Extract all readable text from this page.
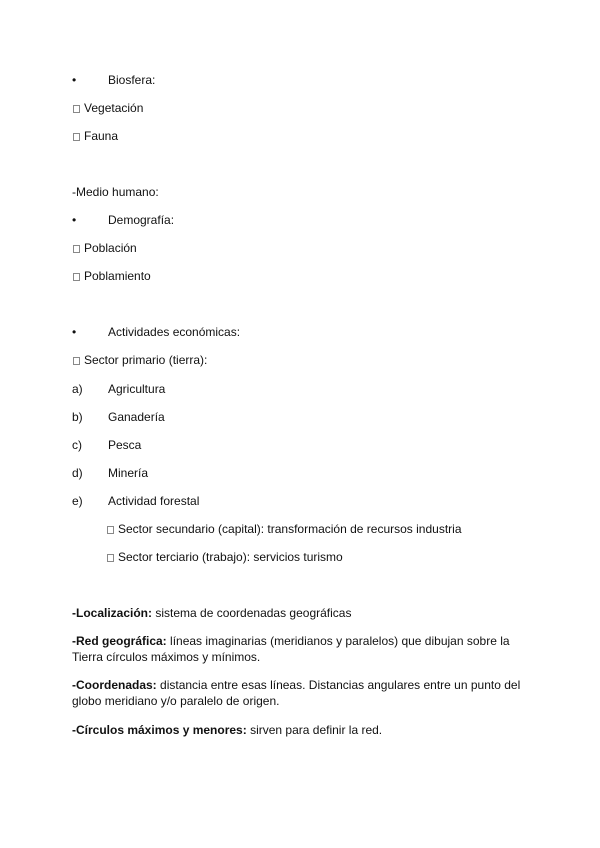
•	Biosfera:
Vegetación
Fauna
-Medio humano:
•	Demografía:
Población
Poblamiento
•	Actividades económicas:
Sector primario (tierra):
a) Agricultura
b) Ganadería
c) Pesca
d) Minería
e) Actividad forestal
Sector secundario (capital): transformación de recursos industria
Sector terciario (trabajo): servicios turismo
-Localización: sistema de coordenadas geográficas
-Red geográfica: líneas imaginarias (meridianos y paralelos) que dibujan sobre la Tierra círculos máximos y mínimos.
-Coordenadas: distancia entre esas líneas. Distancias angulares entre un punto del globo meridiano y/o paralelo de origen.
-Círculos máximos y menores: sirven para definir la red.
